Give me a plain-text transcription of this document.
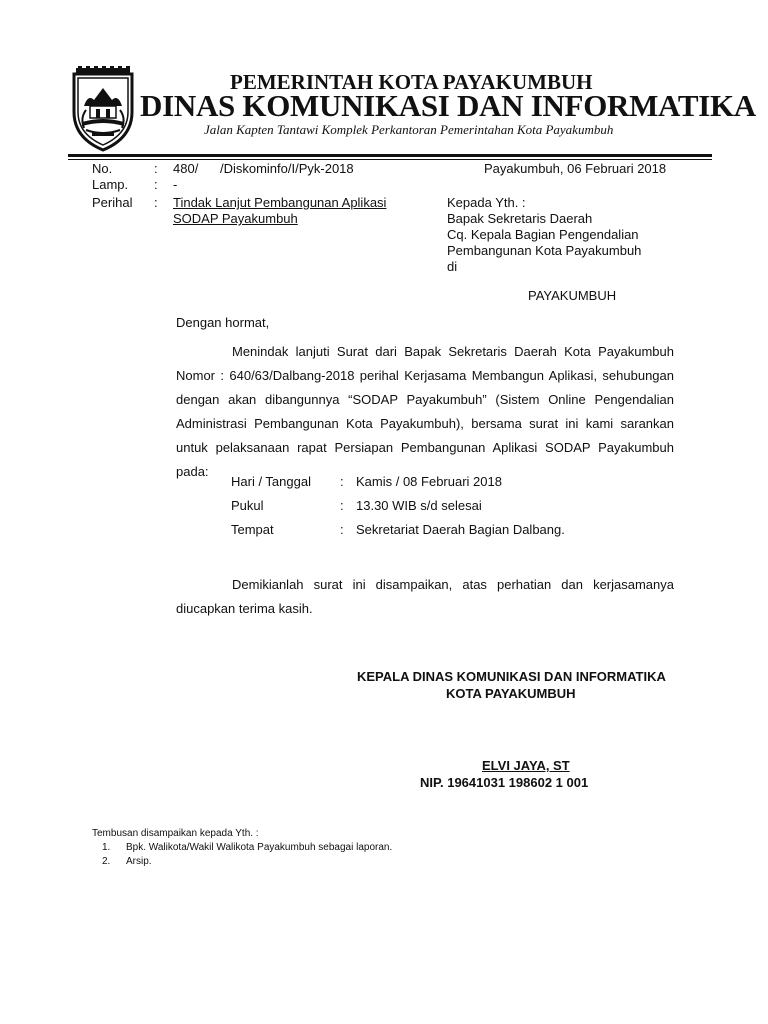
PEMERINTAH KOTA PAYAKUMBUH
DINAS KOMUNIKASI DAN INFORMATIKA
Jalan Kapten Tantawi Komplek Perkantoran Pemerintahan Kota Payakumbuh
No.	: 480/      /Diskominfo/I/Pyk-2018
Lamp. : -
Perihal : Tindak Lanjut Pembangunan Aplikasi
SODAP Payakumbuh
Payakumbuh, 06 Februari 2018
Kepada Yth. :
Bapak Sekretaris Daerah
Cq. Kepala Bagian Pengendalian
Pembangunan Kota Payakumbuh
di
PAYAKUMBUH
Dengan hormat,
Menindak lanjuti Surat dari Bapak Sekretaris Daerah Kota Payakumbuh
Nomor : 640/63/Dalbang-2018 perihal Kerjasama Membangun Aplikasi, sehubungan
dengan akan dibangunnya “SODAP Payakumbuh” (Sistem Online Pengendalian
Administrasi Pembangunan Kota Payakumbuh), bersama surat ini kami sarankan
untuk pelaksanaan rapat Persiapan Pembangunan Aplikasi SODAP Payakumbuh pada:
Hari / Tanggal : Kamis / 08 Februari 2018
Pukul	: 13.30 WIB s/d selesai
Tempat	: Sekretariat Daerah Bagian Dalbang.
Demikianlah surat ini disampaikan, atas perhatian dan kerjasamanya
diucapkan terima kasih.
KEPALA DINAS KOMUNIKASI DAN INFORMATIKA
KOTA PAYAKUMBUH
ELVI JAYA, ST
NIP. 19641031 198602 1 001
Tembusan disampaikan kepada Yth. :
1. Bpk. Walikota/Wakil Walikota Payakumbuh sebagai laporan.
2. Arsip.
